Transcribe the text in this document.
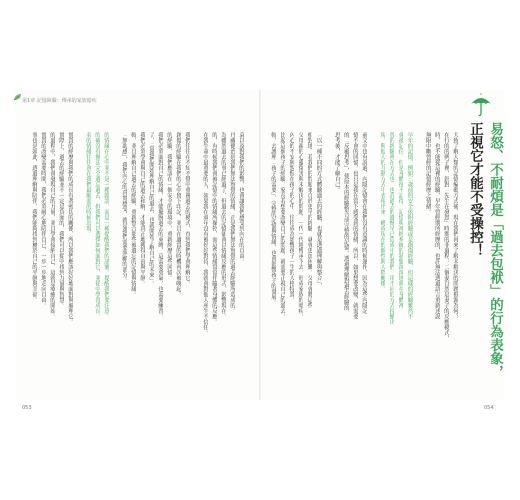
第1章 記憶障礙：傳承的家族暗疾
袁以及對我們的影響，也會讓我們感受到內在的自由。
丹藏健治到我們無法察覺的情緒，正是我們無法察覺的過去經驗所造成的。
為雖然過去的事已經過了，但過去的記憶卻會以情緒反應的形式，影響現在。
的，有時候我們會被記憶中的情緒所操控，而這些情緒常常伴隨著身體的反應。
在我生命中最重要的人，如果我在童年沒有被好好對待，我就會對他人產生不信任。
我們往往在不知不覺中重複過去的模式，直到我們學會理解它。
創傷的經驗在我們的心中留下印記，並且在適當的時機再次被喚起。
的經驗，我們應該在一個安全的環境中，重新經歷這些回憶。
我們必須面對自己的情緒，才能擺脫過去的束縛，這需要勇氣，也需要練習。
了，「當我們開始理解自己的過去，也就開始了解自己的未來」。
我們必須學會與自己的過去和解，才能真正地獲得自由與平靜。
較，並且理解自己過去的經驗，重新整合那些被遺忘的記憶與情緒。
「無助感」，我們內心的真實感受，就是我們需要照顧的部分。
的情緒在心中並不是一種錯誤，而是一種提醒我們的訊號，提醒我們要注意。
的確沒有辦法完全遺忘過去，但我們可以選擇如何面對它，並從中學習成長。
名的情緒往往會在我們最脆弱的時候出現。
實質的經歷與我們的成長有著密切的關係，所以我們應該好好地面對與處理它。
實際上，過去的經驗並不一定是負面的，我們可以從中找到力量與智慧。
的過程中，我們會發現自己的力量，並且學會接納自己，這就是療癒的開始。
實質的改變需要時間，我們必須耐心地陪伴自己，一步一步地走向自由。
事也是如此，透過理解與陪伴，我們能夠找到屬於自己的平靜與幸福。	大致了解人類的記憶編碼方式後，現在我們再來了解未解決的問題根源為何？
在行的的例子裡，針對「先生在發怒」時期的非過程：二個妻自然是妻子的反應模式，
時，也不能從這裡的經驗，早年曾經期所經歷的，也許無法透過語言重新述說
無限中斷曾經的記憶經歷之情緒。
早年的記憶，例如三歲前的安全依附經驗或是創傷經驗，但這樣的經驗雖然不
會被記住，但是身體卻不記得，記憶與神經系統的狀態深深地刻在身體裡，
曾的經驗裡在方式也，也許過去的遺憾早已造成中的我們，用不同的方式持續出
現，與他人的互動方式中表現出來，構成現在的個性與人際關係。
前文中也有說過，內隱記憶會在我們沒有意識的時候運作，因為這些內隱記
憶不會的回憶，也只是我在當下感受到的情緒，所以，如果想要改變，就需要
的「反覆思考」，使原本的經驗整合成完整的記憶。透過理解對過去經驗的
思考後，才能了解自己。
「以一種不同的方式體驗過去的經驗，也就是透過理解與整合」，
相對地，若我們的問題來自於更早的經驗，就會更加困難。父母會將這些
父母親的心靈傷害與未解決的問題，一代一代地傳承下去，形成家族的暗疾。
內心的不安與怨恨在孩子的心中，往往成為影響孩子一生的人格特質。
比起這個孩子的經驗，家長若想要改變自己的問題，就需要正視自己的過去。
較，去護理「孩子的需要」，完整的記憶與情緒，也會影響孩子的發展。	易怒、不耐煩是「過去包袱」的行為表象，
正視它才能不受操控！
053	054
